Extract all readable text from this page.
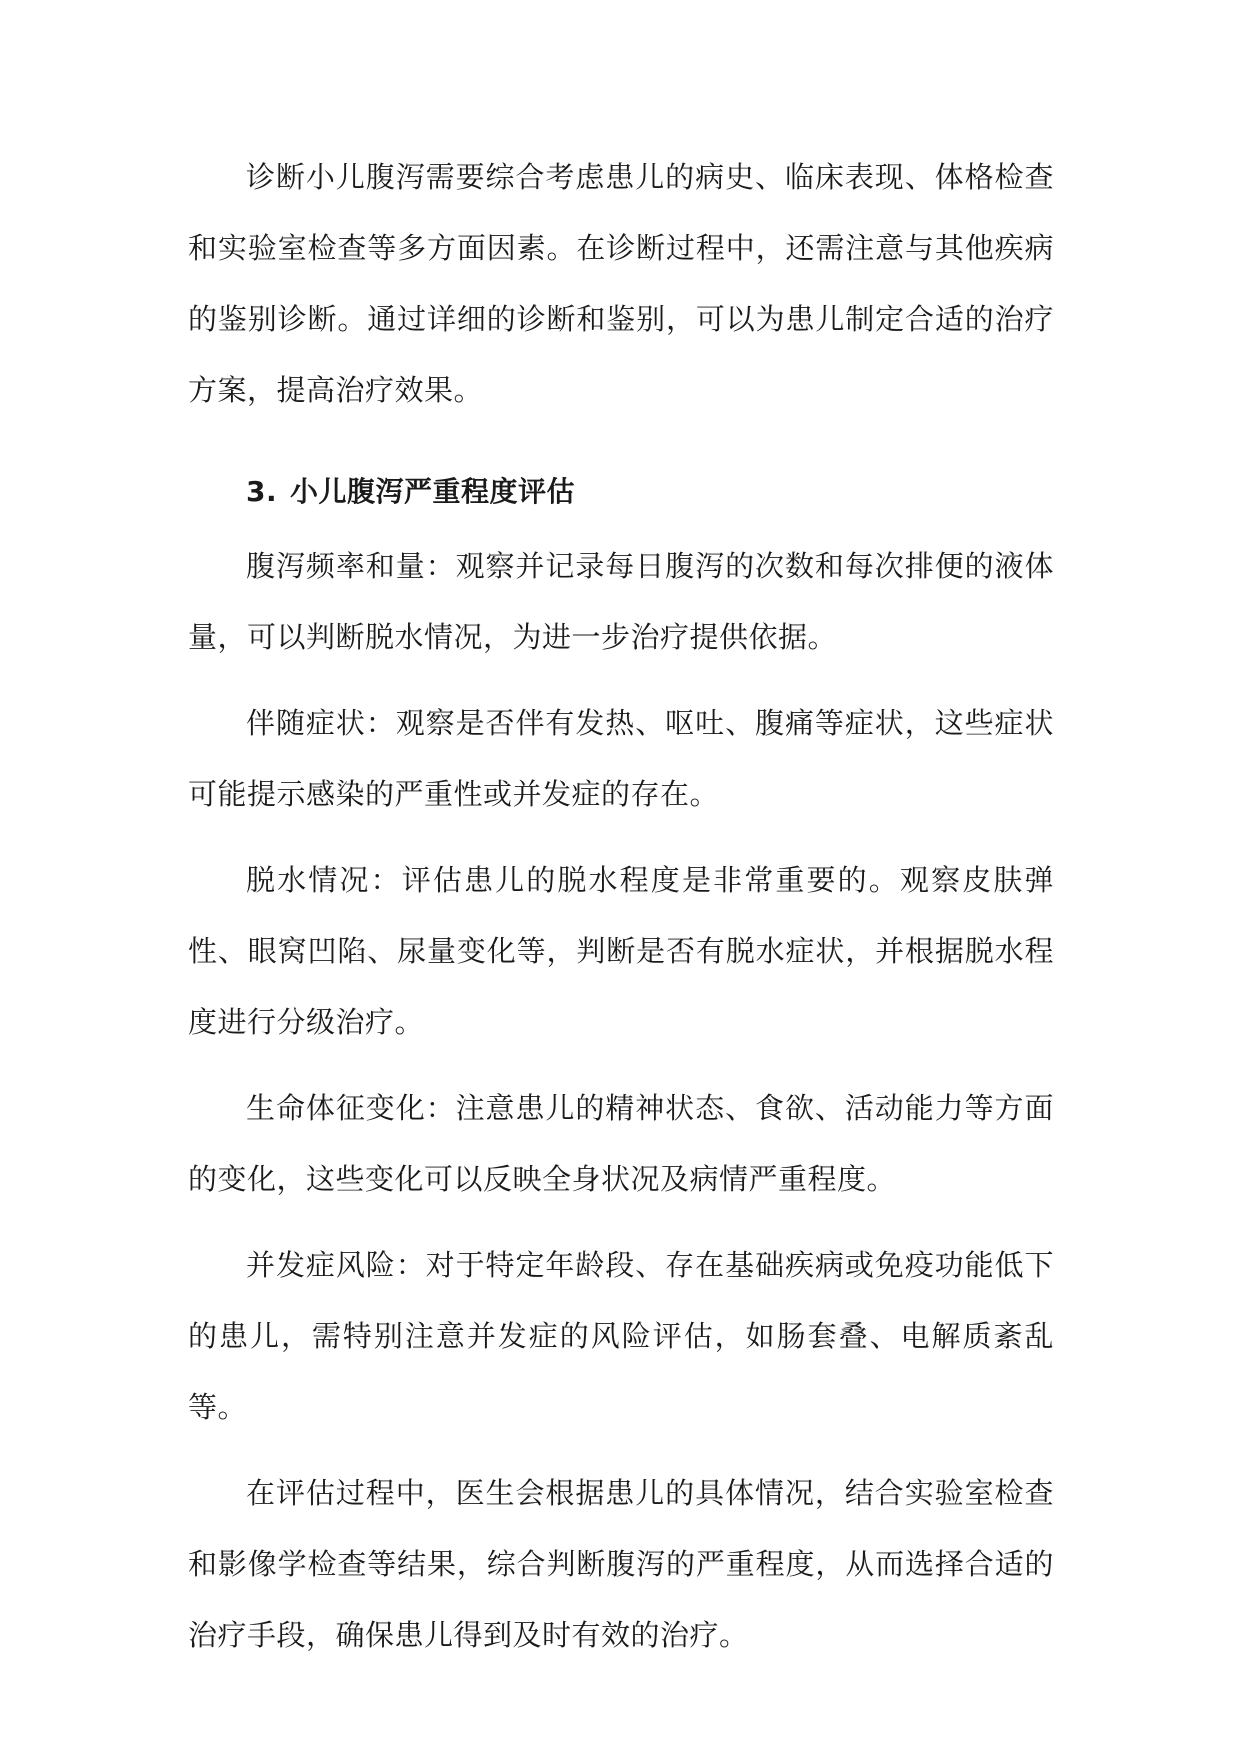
诊断小儿腹泻需要综合考虑患儿的病史、临床表现、体格检查和实验室检查等多方面因素。在诊断过程中，还需注意与其他疾病的鉴别诊断。通过详细的诊断和鉴别，可以为患儿制定合适的治疗方案，提高治疗效果。

3. 小儿腹泻严重程度评估

腹泻频率和量：观察并记录每日腹泻的次数和每次排便的液体量，可以判断脱水情况，为进一步治疗提供依据。

伴随症状：观察是否伴有发热、呕吐、腹痛等症状，这些症状可能提示感染的严重性或并发症的存在。

脱水情况：评估患儿的脱水程度是非常重要的。观察皮肤弹性、眼窝凹陷、尿量变化等，判断是否有脱水症状，并根据脱水程度进行分级治疗。

生命体征变化：注意患儿的精神状态、食欲、活动能力等方面的变化，这些变化可以反映全身状况及病情严重程度。

并发症风险：对于特定年龄段、存在基础疾病或免疫功能低下的患儿，需特别注意并发症的风险评估，如肠套叠、电解质紊乱等。

在评估过程中，医生会根据患儿的具体情况，结合实验室检查和影像学检查等结果，综合判断腹泻的严重程度，从而选择合适的治疗手段，确保患儿得到及时有效的治疗。
